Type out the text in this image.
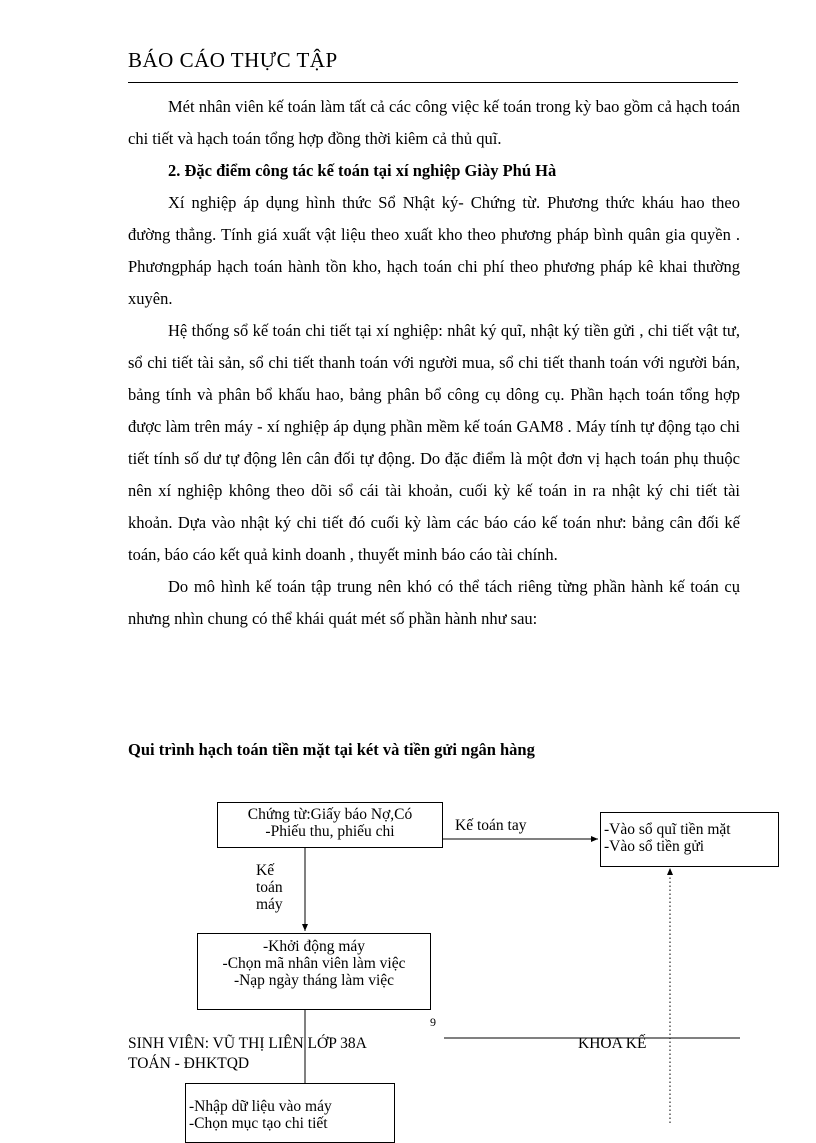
BÁO CÁO THỰC TẬP

Mét nhân viên kế toán làm tất cả các công việc kế toán trong kỳ bao gồm cả hạch toán chi tiết và hạch toán tổng hợp đồng thời kiêm cả thủ quĩ.

2. Đặc điểm công tác kế toán tại xí nghiệp Giày Phú Hà

Xí nghiệp áp dụng hình thức Sổ Nhật ký- Chứng từ. Phương thức kháu hao theo đường thẳng. Tính giá xuất vật liệu theo xuất kho theo phương pháp bình quân gia quyền . Phươngpháp hạch toán hành tồn kho, hạch toán chi phí theo phương pháp kê khai thường xuyên.

Hệ thống sổ kế toán chi tiết tại xí nghiệp: nhât ký quĩ, nhật ký tiền gửi , chi tiết vật tư, sổ chi tiết tài sản, sổ chi tiết thanh toán với người mua, sổ chi tiết thanh toán với người bán, bảng tính và phân bổ khấu hao, bảng phân bổ công cụ dông cụ. Phần hạch toán tổng hợp được làm trên máy - xí nghiệp áp dụng phần mềm kế toán GAM8 . Máy tính tự động tạo chi tiết tính số dư tự động lên cân đối tự động. Do đặc điểm là một đơn vị hạch toán phụ thuộc nên xí nghiệp không theo dõi sổ cái tài khoản, cuối kỳ kế toán in ra nhật ký chi tiết tài khoản. Dựa vào nhật ký chi tiết đó cuối kỳ làm các báo cáo kế toán như: bảng cân đối kế toán, báo cáo kết quả kinh doanh , thuyết minh báo cáo tài chính.

Do mô hình kế toán tập trung nên khó có thể tách riêng từng phần hành kế toán cụ nhưng nhìn chung có thể khái quát mét số phần hành như sau:

Qui trình hạch toán tiền mặt tại két và tiền gửi ngân hàng
Chứng từ:Giấy báo Nợ,Có
-Phiếu thu, phiếu chi	Kế toán tay	-Vào sổ quĩ tiền mặt
-Vào sổ tiền gửi
Kế
toán
máy
-Khởi động máy
-Chọn mã nhân viên làm việc
-Nạp ngày tháng làm việc
9
SINH VIÊN: VŨ THỊ LIÊN LỚP 38A
TOÁN - ĐHKTQD
KHOA KẾ
-Nhập dữ liệu vào máy
-Chọn mục tạo chi tiết
